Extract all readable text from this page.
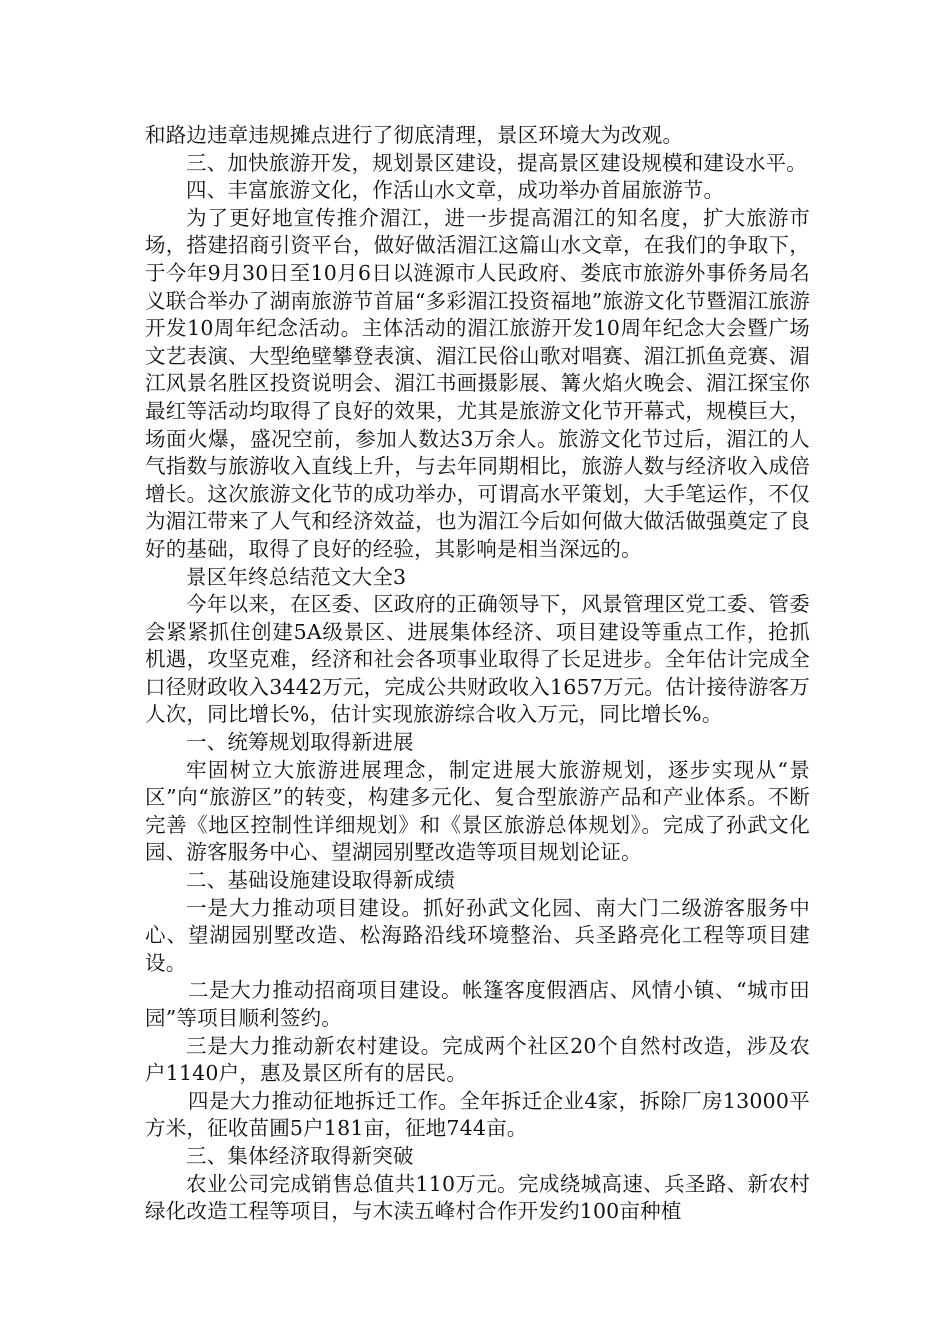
和路边违章违规摊点进行了彻底清理，景区环境大为改观。

三、加快旅游开发，规划景区建设，提高景区建设规模和建设水平。

四、丰富旅游文化，作活山水文章，成功举办首届旅游节。

为了更好地宣传推介湄江，进一步提高湄江的知名度，扩大旅游市场，搭建招商引资平台，做好做活湄江这篇山水文章，在我们的争取下，于今年9月30日至10月6日以涟源市人民政府、娄底市旅游外事侨务局名义联合举办了湖南旅游节首届“多彩湄江投资福地”旅游文化节暨湄江旅游开发10周年纪念活动。主体活动的湄江旅游开发10周年纪念大会暨广场文艺表演、大型绝壁攀登表演、湄江民俗山歌对唱赛、湄江抓鱼竞赛、湄江风景名胜区投资说明会、湄江书画摄影展、篝火焰火晚会、湄江探宝你最红等活动均取得了良好的效果，尤其是旅游文化节开幕式，规模巨大，场面火爆，盛况空前，参加人数达3万余人。旅游文化节过后，湄江的人气指数与旅游收入直线上升，与去年同期相比，旅游人数与经济收入成倍增长。这次旅游文化节的成功举办，可谓高水平策划，大手笔运作，不仅为湄江带来了人气和经济效益，也为湄江今后如何做大做活做强奠定了良好的基础，取得了良好的经验，其影响是相当深远的。

景区年终总结范文大全3

今年以来，在区委、区政府的正确领导下，风景管理区党工委、管委会紧紧抓住创建5A级景区、进展集体经济、项目建设等重点工作，抢抓机遇，攻坚克难，经济和社会各项事业取得了长足进步。全年估计完成全口径财政收入3442万元，完成公共财政收入1657万元。估计接待游客万人次，同比增长%，估计实现旅游综合收入万元，同比增长%。

一、统筹规划取得新进展

牢固树立大旅游进展理念，制定进展大旅游规划，逐步实现从“景区”向“旅游区”的转变，构建多元化、复合型旅游产品和产业体系。不断完善《地区控制性详细规划》和《景区旅游总体规划》。完成了孙武文化园、游客服务中心、望湖园别墅改造等项目规划论证。

二、基础设施建设取得新成绩

一是大力推动项目建设。抓好孙武文化园、南大门二级游客服务中心、望湖园别墅改造、松海路沿线环境整治、兵圣路亮化工程等项目建设。

二是大力推动招商项目建设。帐篷客度假酒店、风情小镇、“城市田园”等项目顺利签约。

三是大力推动新农村建设。完成两个社区20个自然村改造，涉及农户1140户，惠及景区所有的居民。

四是大力推动征地拆迁工作。全年拆迁企业4家，拆除厂房13000平方米，征收苗圃5户181亩，征地744亩。

三、集体经济取得新突破

农业公司完成销售总值共110万元。完成绕城高速、兵圣路、新农村绿化改造工程等项目，与木渎五峰村合作开发约100亩种植
